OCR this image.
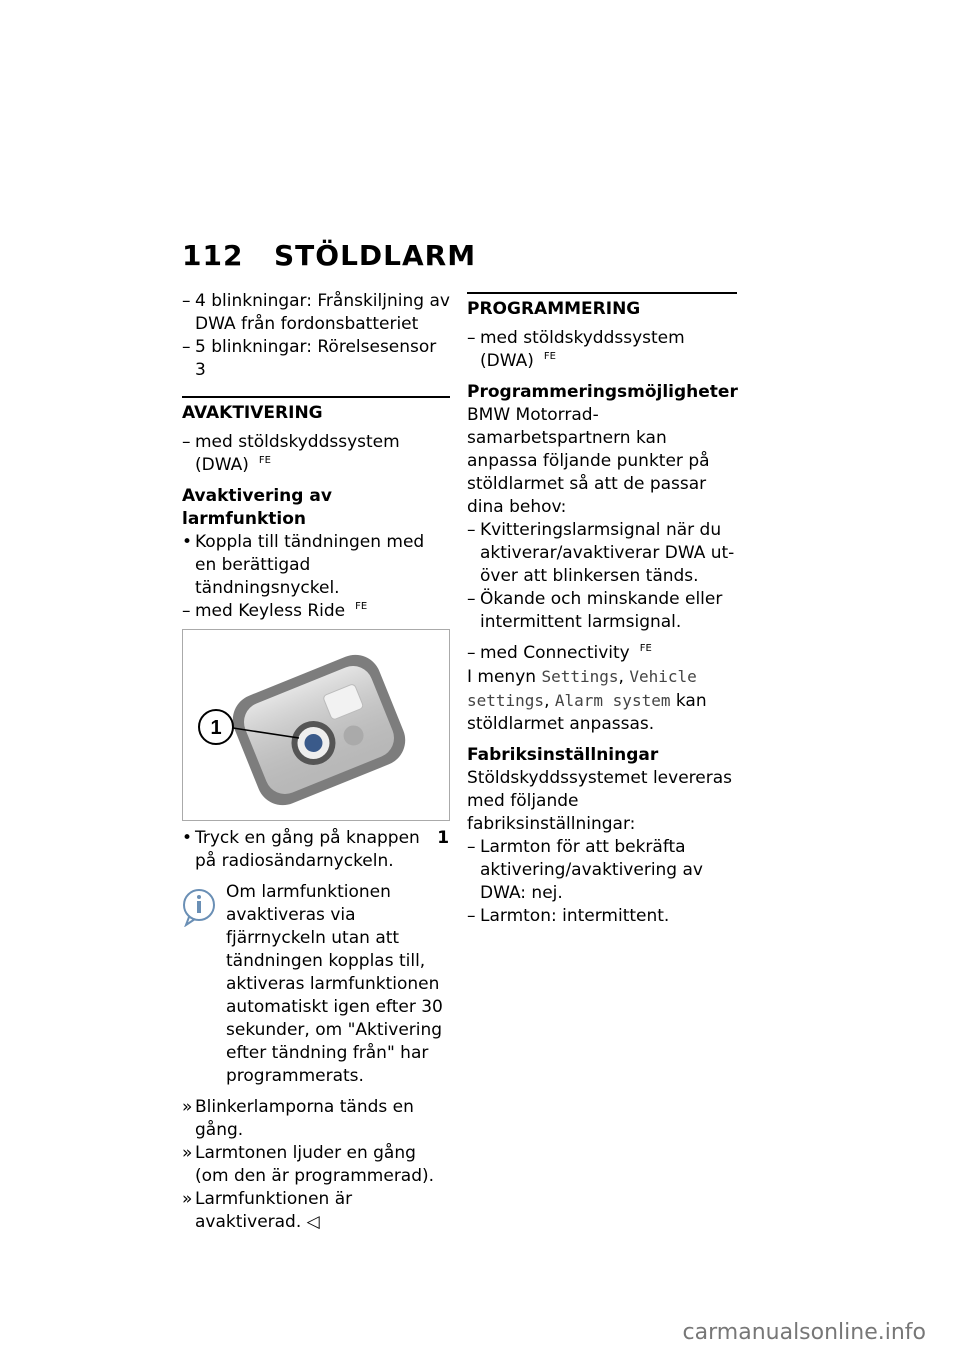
112 STÖLDLARM

– 4 blinkningar: Frånskiljning av DWA från fordonsbatteriet

– 5 blinkningar: Rörelsesensor 3

AVAKTIVERING

– med stöldskyddssystem (DWA) $^{FE}$

Avaktivering av larmfunktion

• Koppla till tändningen med en berättigad tändningsnyckel.

– med Keyless Ride $^{FE}$

1

• Tryck en gång på knappen 1
på radiosändarnyckeln.

Om larmfunktionen avaktiveras via fjärrnyckeln utan att tändningen kopplas till, aktiveras larmfunktionen automatiskt igen efter 30 sekunder, om "Aktivering efter tändning från" har programmerats.

» Blinkerlamporna tänds en gång.

» Larmtonen ljuder en gång (om den är programmerad).

» Larmfunktionen är avaktiverad. ◁

PROGRAMMERING

– med stöldskyddssystem (DWA) $^{FE}$

Programmeringsmöjligheter

BMW Motorrad-samarbetspartnern kan anpassa följande punkter på stöldlarmet så att de passar dina behov:

– Kvitteringslarmsignal när du aktiverar/avaktiverar DWA ut-över att blinkersen tänds.

– Ökande och minskande eller intermittent larmsignal.

– med Connectivity $^{FE}$

I menyn Settings, Vehicle settings, Alarm system kan stöldlarmet anpassas.

Fabriksinställningar

Stöldskyddssystemet levereras med följande fabriksinställningar:

– Larmton för att bekräfta aktivering/avaktivering av DWA: nej.

– Larmton: intermittent.

carmanualsonline.info
